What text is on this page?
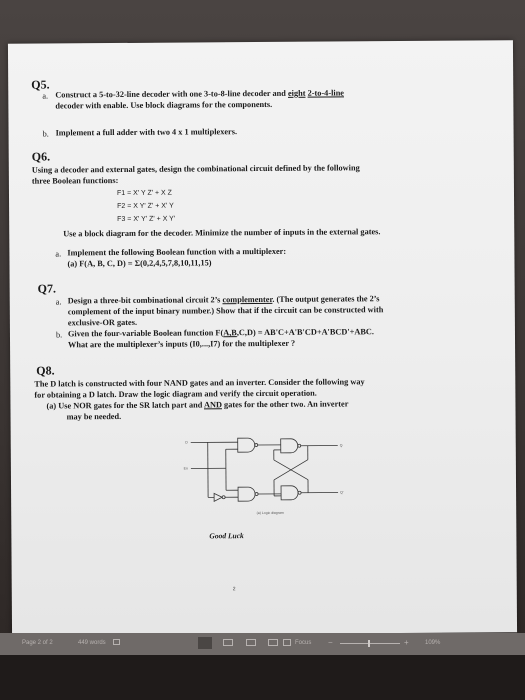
Q5.
a. Construct a 5-to-32-line decoder with one 3-to-8-line decoder and eight 2-to-4-line
decoder with enable. Use block diagrams for the components.
b. Implement a full adder with two 4 x 1 multiplexers.
Q6.
Using a decoder and external gates, design the combinational circuit defined by the following
three Boolean functions:
F1 = X' Y Z' + X Z
F2 = X Y' Z' + X' Y
F3 = X' Y' Z' + X Y'
Use a block diagram for the decoder. Minimize the number of inputs in the external gates.
a. Implement the following Boolean function with a multiplexer:
(a) F(A, B, C, D) = Σ(0,2,4,5,7,8,10,11,15)
Q7.
a. Design a three-bit combinational circuit 2’s complementer. (The output generates the 2’s
complement of the input binary number.) Show that if the circuit can be constructed with
exclusive-OR gates.
b. Given the four-variable Boolean function F(A,B,C,D) = AB'C+A'B'CD+A'BCD'+ABC.
What are the multiplexer’s inputs (I0,...,I7) for the multiplexer ?
Q8.
The D latch is constructed with four NAND gates and an inverter. Consider the following way
for obtaining a D latch. Draw the logic diagram and verify the circuit operation.
(a) Use NOR gates for the SR latch part and AND gates for the other two. An inverter
may be needed.
D
En
Q
Q'
(a) Logic diagram
Good Luck
2
Page 2 of 2	449 words	Focus −	+	109%
